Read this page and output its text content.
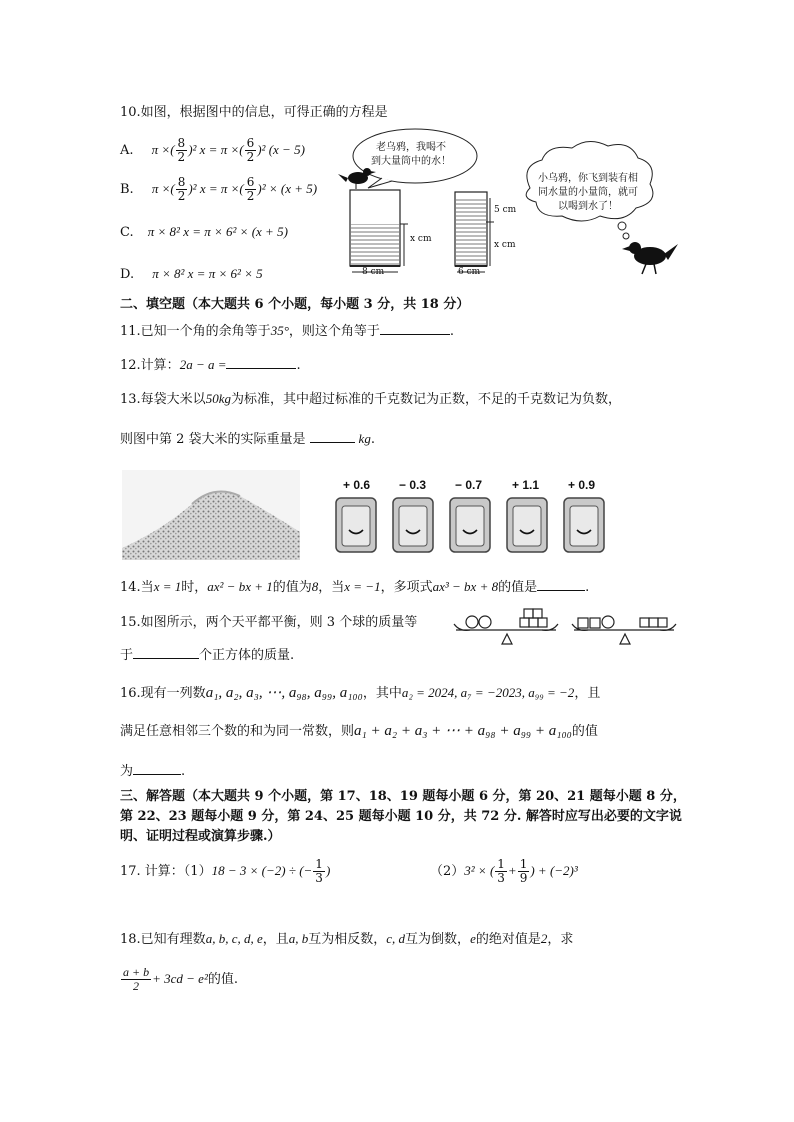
10.如图，根据图中的信息，可得正确的方程是
A. π ×( $\frac{8}{2} )^2$ x = π ×( $\frac{6}{2} )^2$ (x − 5)
B. π ×( $\frac{8}{2} )^2$ x = π ×( $\frac{6}{2} )^2 \times (x + 5)$
C. π × 8² x = π × 6² × (x + 5)
D. π × 8² x = π × 6² × 5
老乌鸦，我喝不
到大量筒中的水！
小乌鸦，你飞到装有相
同水量的小量筒，就可
以喝到水了！
x cm
8 cm
5 cm
x cm
6 cm
二、填空题（本大题共 6 个小题，每小题 3 分，共 18 分）
11.已知一个角的余角等于35°，则这个角等于	.
12.计算：2a − a =	.
13.每袋大米以50kg为标准，其中超过标准的千克数记为正数，不足的千克数记为负数，
则图中第 2 袋大米的实际重量是	kg.
+ 0.6 − 0.3 − 0.7 + 1.1 + 0.9
14.当x = 1时，ax² − bx + 1的值为8，当x = −1，多项式ax³ − bx + 8的值是	.
15.如图所示，两个天平都平衡，则 3 个球的质量等
于	个正方体的质量.
16.现有一列数a₁, a₂, a₃, ⋯, a₉₈, a₉₉, a₁₀₀，其中a₂ = 2024, a₇ = −2023, a₉₉ = −2，且
满足任意相邻三个数的和为同一常数，则a₁ + a₂ + a₃ + ⋯ + a₉₈ + a₉₉ + a₁₀₀的值
为	.
三、解答题（本大题共 9 个小题，第 17、18、19 题每小题 6 分，第 20、21 题每小题 8 分，
第 22、23 题每小题 9 分，第 24、25 题每小题 10 分，共 72 分. 解答时应写出必要的文字说
明、证明过程或演算步骤.）
17. 计算：（1）18 − 3 × (−2) ÷ (− $\frac{1}{3}$ )	（2）3² × ( $\frac{1}{3} + \frac{1}{9}$ ) + (−2)³
18.已知有理数a, b, c, d, e，且a, b互为相反数，c, d互为倒数，e的绝对值是2，求
$\frac{a + b}{2} + 3cd - e^2$的值.
